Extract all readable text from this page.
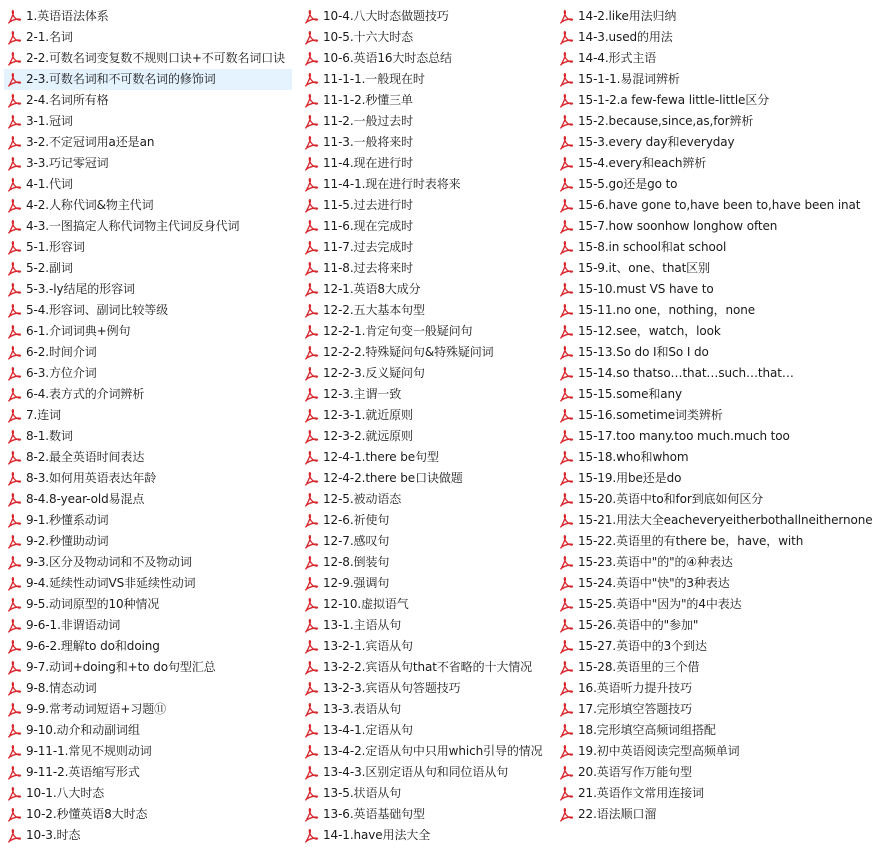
1.英语语法体系
2-1.名词
2-2.可数名词变复数不规则口诀+不可数名词口诀
2-3.可数名词和不可数名词的修饰词
2-4.名词所有格
3-1.冠词
3-2.不定冠词用a还是an
3-3.巧记零冠词
4-1.代词
4-2.人称代词&物主代词
4-3.一图搞定人称代词物主代词反身代词
5-1.形容词
5-2.副词
5-3.-ly结尾的形容词
5-4.形容词、副词比较等级
6-1.介词词典+例句
6-2.时间介词
6-3.方位介词
6-4.表方式的介词辨析
7.连词
8-1.数词
8-2.最全英语时间表达
8-3.如何用英语表达年龄
8-4.8-year-old易混点
9-1.秒懂系动词
9-2.秒懂助动词
9-3.区分及物动词和不及物动词
9-4.延续性动词VS非延续性动词
9-5.动词原型的10种情况
9-6-1.非谓语动词
9-6-2.理解to do和doing
9-7.动词+doing和+to do句型汇总
9-8.情态动词
9-9.常考动词短语+习题⑪
9-10.动介和动副词组
9-11-1.常见不规则动词
9-11-2.英语缩写形式
10-1.八大时态
10-2.秒懂英语8大时态
10-3.时态
10-4.八大时态做题技巧
10-5.十六大时态
10-6.英语16大时态总结
11-1-1.一般现在时
11-1-2.秒懂三单
11-2.一般过去时
11-3.一般将来时
11-4.现在进行时
11-4-1.现在进行时表将来
11-5.过去进行时
11-6.现在完成时
11-7.过去完成时
11-8.过去将来时
12-1.英语8大成分
12-2.五大基本句型
12-2-1.肯定句变一般疑问句
12-2-2.特殊疑问句&特殊疑问词
12-2-3.反义疑问句
12-3.主谓一致
12-3-1.就近原则
12-3-2.就远原则
12-4-1.there be句型
12-4-2.there be口诀做题
12-5.被动语态
12-6.祈使句
12-7.感叹句
12-8.倒装句
12-9.强调句
12-10.虚拟语气
13-1.主语从句
13-2-1.宾语从句
13-2-2.宾语从句that不省略的十大情况
13-2-3.宾语从句答题技巧
13-3.表语从句
13-4-1.定语从句
13-4-2.定语从句中只用which引导的情况
13-4-3.区别定语从句和同位语从句
13-5.状语从句
13-6.英语基础句型
14-1.have用法大全
14-2.like用法归纳
14-3.used的用法
14-4.形式主语
15-1-1.易混词辨析
15-1-2.a few-fewa little-little区分
15-2.because,since,as,for辨析
15-3.every day和everyday
15-4.every和each辨析
15-5.go还是go to
15-6.have gone to,have been to,have been inat
15-7.how soonhow longhow often
15-8.in school和at school
15-9.it、one、that区别
15-10.must VS have to
15-11.no one，nothing，none
15-12.see，watch，look
15-13.So do I和So I do
15-14.so thatso…that…such…that…
15-15.some和any
15-16.sometime词类辨析
15-17.too many.too much.much too
15-18.who和whom
15-19.用be还是do
15-20.英语中to和for到底如何区分
15-21.用法大全eacheveryeitherbothallneithernone
15-22.英语里的有there be，have，with
15-23.英语中"的"的④种表达
15-24.英语中"快"的3种表达
15-25.英语中"因为"的4中表达
15-26.英语中的"参加"
15-27.英语中的3个到达
15-28.英语里的三个借
16.英语听力提升技巧
17.完形填空答题技巧
18.完形填空高频词组搭配
19.初中英语阅读完型高频单词
20.英语写作万能句型
21.英语作文常用连接词
22.语法顺口溜
